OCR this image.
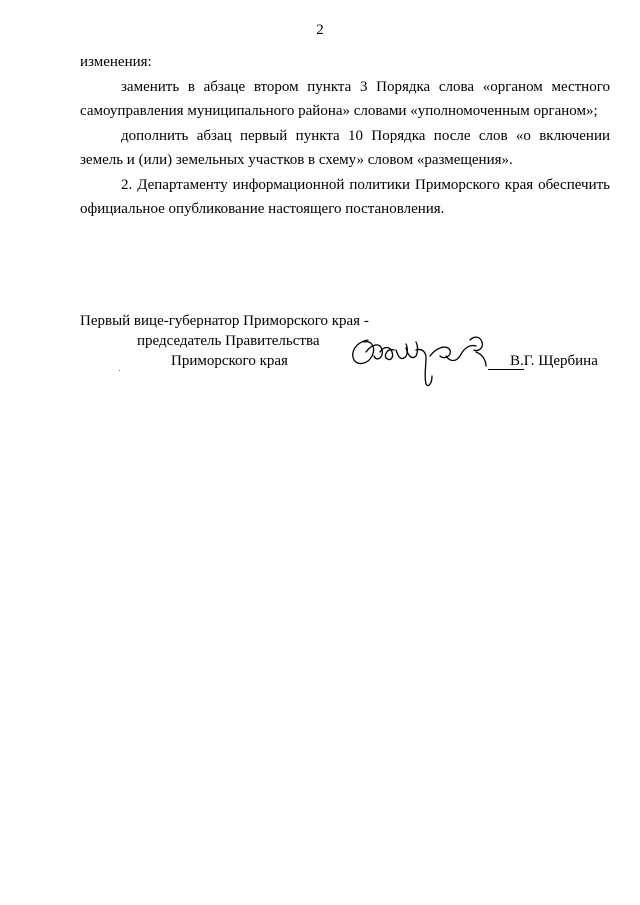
2

изменения:

заменить в абзаце втором пункта 3 Порядка слова «органом местного самоуправления муниципального района» словами «уполномоченным органом»;

дополнить абзац первый пункта 10 Порядка после слов «о включении земель и (или) земельных участков в схему» словом «размещения».

2. Департаменту информационной политики Приморского края обеспечить официальное опубликование настоящего постановления.

Первый вице-губернатор Приморского края -
председатель Правительства
Приморского края	В.Г. Щербина
